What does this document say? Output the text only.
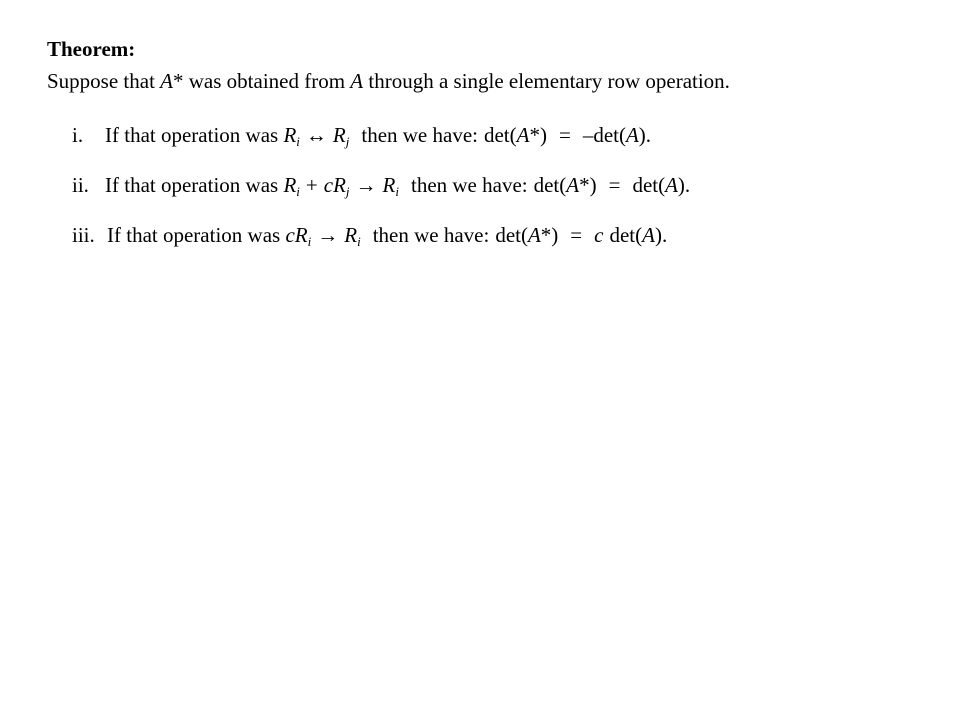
Theorem:
Suppose that A* was obtained from A through a single elementary row operation.
i. If that operation was $R_i$ ↔ $R_j$ then we have: det(A*) = –det(A).
ii. If that operation was $R_i + cR_j \to R_i$ then we have: det(A*) = det(A).
iii. If that operation was $cR_i \to R_i$ then we have: det(A*) = c det(A).
